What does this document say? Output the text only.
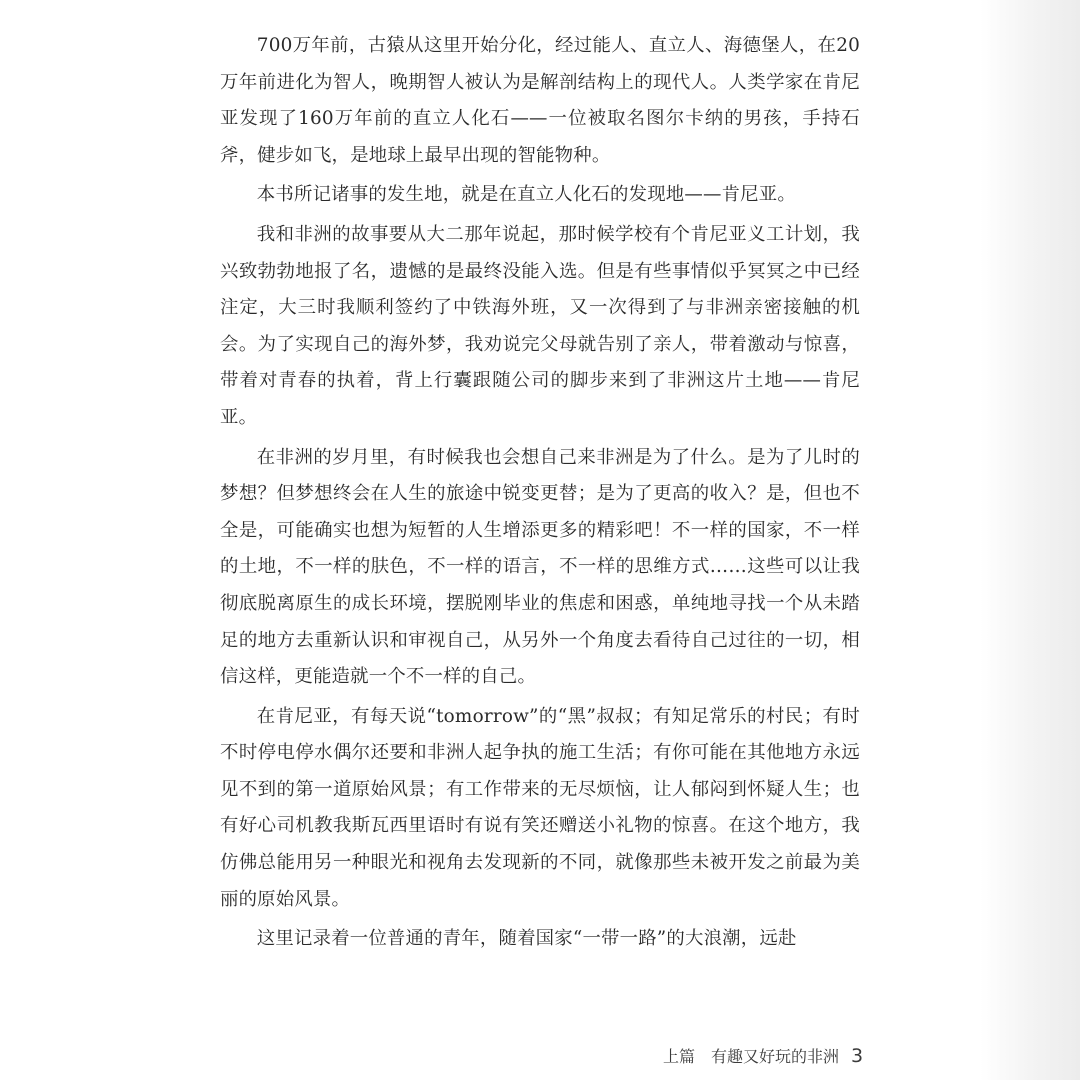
700万年前，古猿从这里开始分化，经过能人、直立人、海德堡人，在20万年前进化为智人，晚期智人被认为是解剖结构上的现代人。人类学家在肯尼亚发现了160万年前的直立人化石——一位被取名图尔卡纳的男孩，手持石斧，健步如飞，是地球上最早出现的智能物种。

本书所记诸事的发生地，就是在直立人化石的发现地——肯尼亚。

我和非洲的故事要从大二那年说起，那时候学校有个肯尼亚义工计划，我兴致勃勃地报了名，遗憾的是最终没能入选。但是有些事情似乎冥冥之中已经注定，大三时我顺利签约了中铁海外班，又一次得到了与非洲亲密接触的机会。为了实现自己的海外梦，我劝说完父母就告别了亲人，带着激动与惊喜，带着对青春的执着，背上行囊跟随公司的脚步来到了非洲这片土地——肯尼亚。

在非洲的岁月里，有时候我也会想自己来非洲是为了什么。是为了儿时的梦想？但梦想终会在人生的旅途中锐变更替；是为了更高的收入？是，但也不全是，可能确实也想为短暂的人生增添更多的精彩吧！不一样的国家，不一样的土地，不一样的肤色，不一样的语言，不一样的思维方式……这些可以让我彻底脱离原生的成长环境，摆脱刚毕业的焦虑和困惑，单纯地寻找一个从未踏足的地方去重新认识和审视自己，从另外一个角度去看待自己过往的一切，相信这样，更能造就一个不一样的自己。

在肯尼亚，有每天说“tomorrow”的“黑”叔叔；有知足常乐的村民；有时不时停电停水偶尔还要和非洲人起争执的施工生活；有你可能在其他地方永远见不到的第一道原始风景；有工作带来的无尽烦恼，让人郁闷到怀疑人生；也有好心司机教我斯瓦西里语时有说有笑还赠送小礼物的惊喜。在这个地方，我仿佛总能用另一种眼光和视角去发现新的不同，就像那些未被开发之前最为美丽的原始风景。

这里记录着一位普通的青年，随着国家“一带一路”的大浪潮，远赴

上篇 有趣又好玩的非洲 3
